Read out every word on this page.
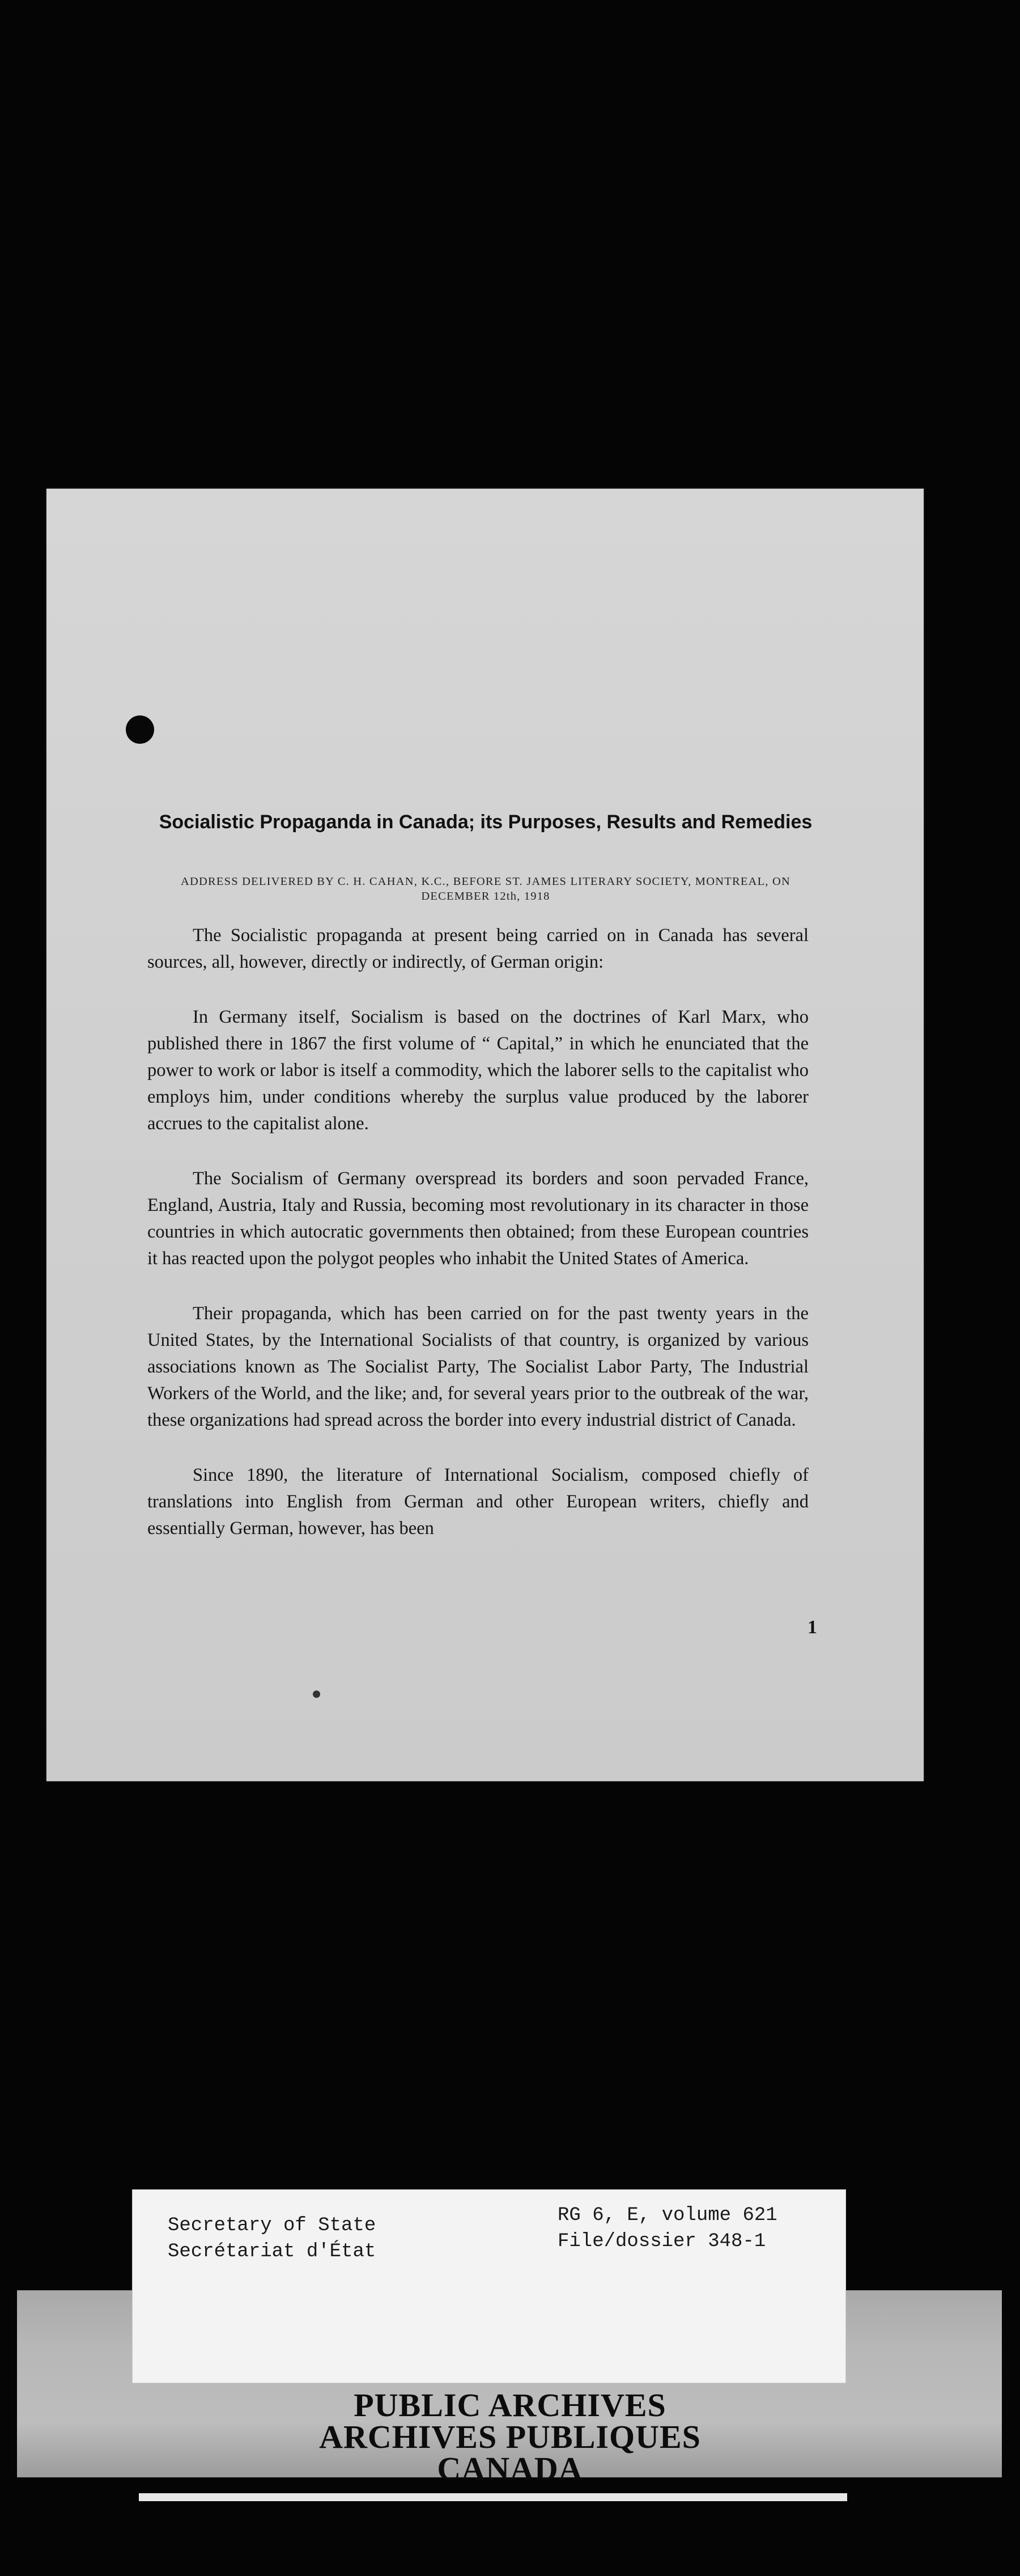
Socialistic Propaganda in Canada; its Purposes, Results and Remedies

ADDRESS DELIVERED BY C. H. CAHAN, K.C., BEFORE ST. JAMES LITERARY SOCIETY, MONTREAL, ON DECEMBER 12th, 1918

The Socialistic propaganda at present being carried on in Canada has several sources, all, however, directly or indirectly, of German origin:

In Germany itself, Socialism is based on the doctrines of Karl Marx, who published there in 1867 the first volume of “ Capital,” in which he enunciated that the power to work or labor is itself a commodity, which the laborer sells to the capitalist who employs him, under conditions whereby the surplus value produced by the laborer accrues to the capitalist alone.

The Socialism of Germany overspread its borders and soon pervaded France, England, Austria, Italy and Russia, becoming most revolutionary in its character in those countries in which autocratic governments then obtained; from these European countries it has reacted upon the polygot peoples who inhabit the United States of America.

Their propaganda, which has been carried on for the past twenty years in the United States, by the International Socialists of that country, is organized by various associations known as The Socialist Party, The Socialist Labor Party, The Industrial Workers of the World, and the like; and, for several years prior to the outbreak of the war, these organizations had spread across the border into every industrial district of Canada.

Since 1890, the literature of International Socialism, composed chiefly of translations into English from German and other European writers, chiefly and essentially German, however, has been

1
Secretary of State
Secrétariat d'État
RG 6, E, volume 621
File/dossier 348-1
PUBLIC ARCHIVES
ARCHIVES PUBLIQUES
CANADA
